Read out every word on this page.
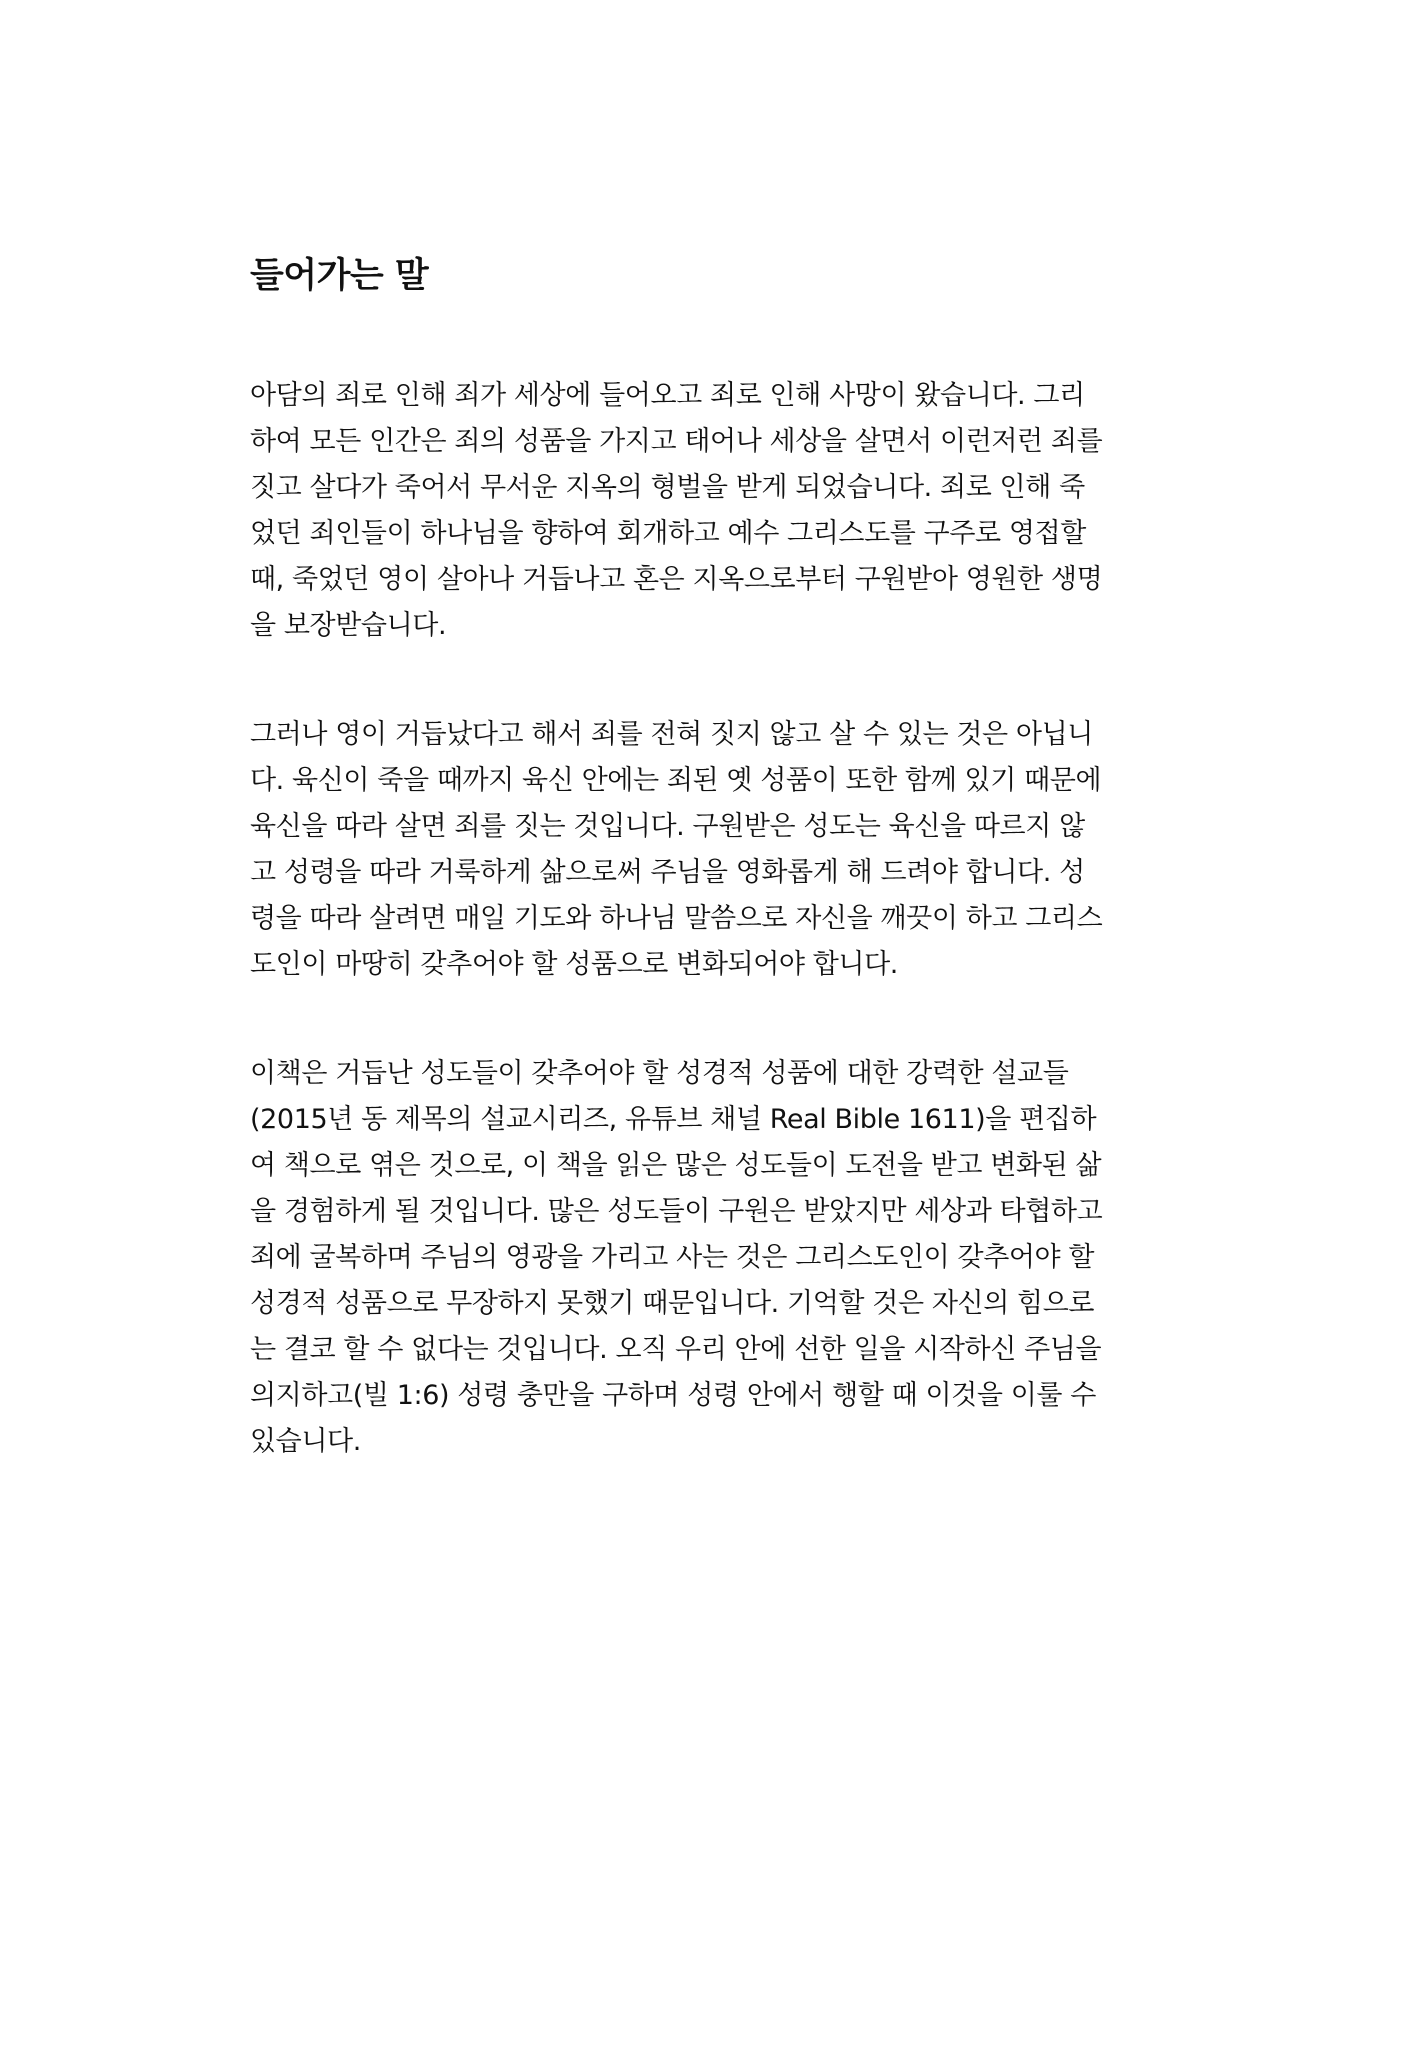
들어가는 말
아담의 죄로 인해 죄가 세상에 들어오고 죄로 인해 사망이 왔습니다. 그리
하여 모든 인간은 죄의 성품을 가지고 태어나 세상을 살면서 이런저런 죄를
짓고 살다가 죽어서 무서운 지옥의 형벌을 받게 되었습니다. 죄로 인해 죽
었던 죄인들이 하나님을 향하여 회개하고 예수 그리스도를 구주로 영접할
때, 죽었던 영이 살아나 거듭나고 혼은 지옥으로부터 구원받아 영원한 생명
을 보장받습니다.
그러나 영이 거듭났다고 해서 죄를 전혀 짓지 않고 살 수 있는 것은 아닙니
다. 육신이 죽을 때까지 육신 안에는 죄된 옛 성품이 또한 함께 있기 때문에
육신을 따라 살면 죄를 짓는 것입니다. 구원받은 성도는 육신을 따르지 않
고 성령을 따라 거룩하게 삶으로써 주님을 영화롭게 해 드려야 합니다. 성
령을 따라 살려면 매일 기도와 하나님 말씀으로 자신을 깨끗이 하고 그리스
도인이 마땅히 갖추어야 할 성품으로 변화되어야 합니다.
이책은 거듭난 성도들이 갖추어야 할 성경적 성품에 대한 강력한 설교들
(2015년 동 제목의 설교시리즈, 유튜브 채널 Real Bible 1611)을 편집하
여 책으로 엮은 것으로, 이 책을 읽은 많은 성도들이 도전을 받고 변화된 삶
을 경험하게 될 것입니다. 많은 성도들이 구원은 받았지만 세상과 타협하고
죄에 굴복하며 주님의 영광을 가리고 사는 것은 그리스도인이 갖추어야 할
성경적 성품으로 무장하지 못했기 때문입니다. 기억할 것은 자신의 힘으로
는 결코 할 수 없다는 것입니다. 오직 우리 안에 선한 일을 시작하신 주님을
의지하고(빌 1:6) 성령 충만을 구하며 성령 안에서 행할 때 이것을 이룰 수
있습니다.
